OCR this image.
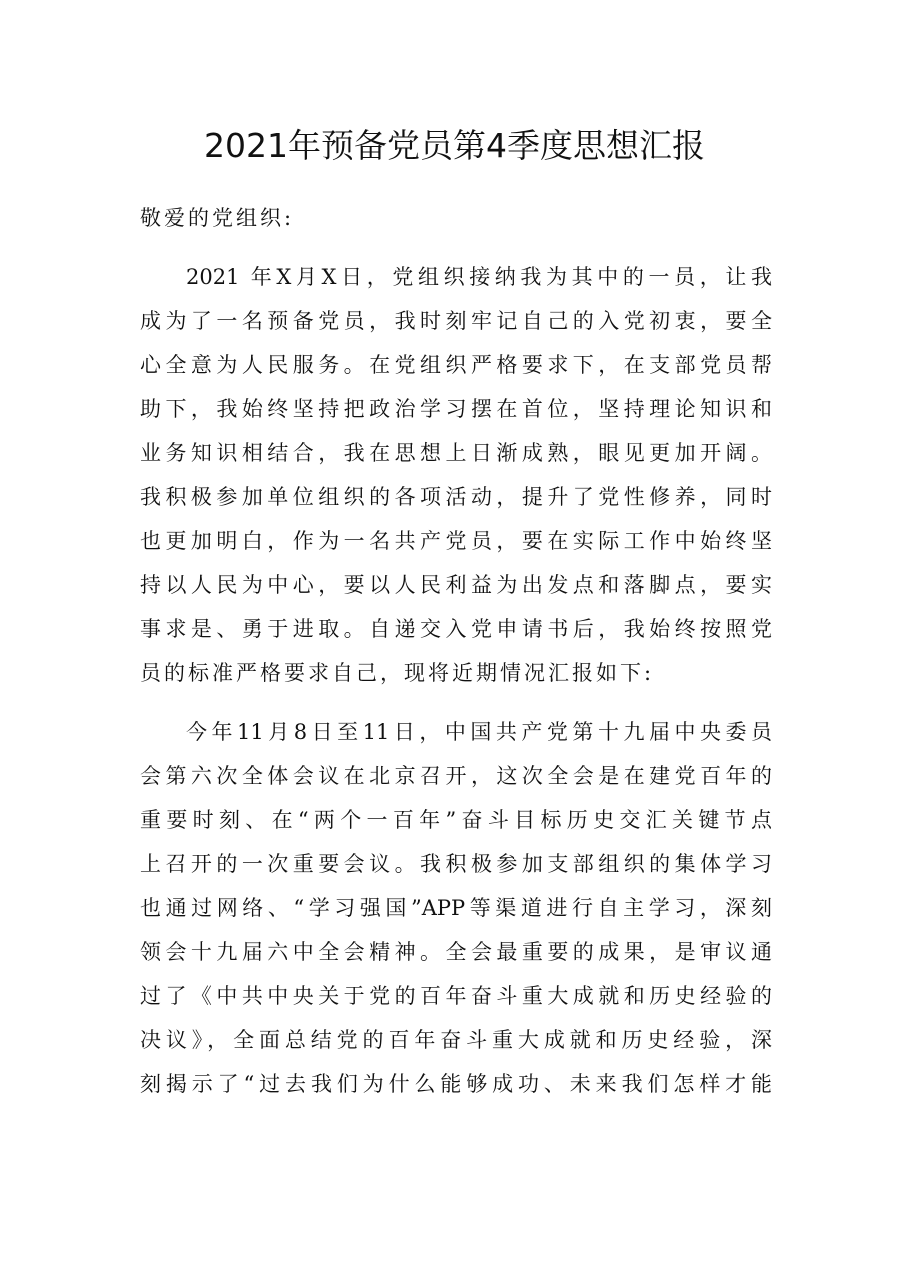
2021年预备党员第4季度思想汇报

敬爱的党组织:

2021 年X月X日，党组织接纳我为其中的一员，让我
成为了一名预备党员，我时刻牢记自己的入党初衷，要全
心全意为人民服务。在党组织严格要求下，在支部党员帮
助下，我始终坚持把政治学习摆在首位，坚持理论知识和
业务知识相结合，我在思想上日渐成熟，眼见更加开阔。
我积极参加单位组织的各项活动，提升了党性修养，同时
也更加明白，作为一名共产党员，要在实际工作中始终坚
持以人民为中心，要以人民利益为出发点和落脚点，要实
事求是、勇于进取。自递交入党申请书后，我始终按照党
员的标准严格要求自己，现将近期情况汇报如下:

今年11月8日至11日，中国共产党第十九届中央委员
会第六次全体会议在北京召开，这次全会是在建党百年的
重要时刻、在“两个一百年”奋斗目标历史交汇关键节点
上召开的一次重要会议。我积极参加支部组织的集体学习
也通过网络、“学习强国”APP等渠道进行自主学习，深刻
领会十九届六中全会精神。全会最重要的成果，是审议通
过了《中共中央关于党的百年奋斗重大成就和历史经验的
决议》，全面总结党的百年奋斗重大成就和历史经验，深
刻揭示了“过去我们为什么能够成功、未来我们怎样才能
